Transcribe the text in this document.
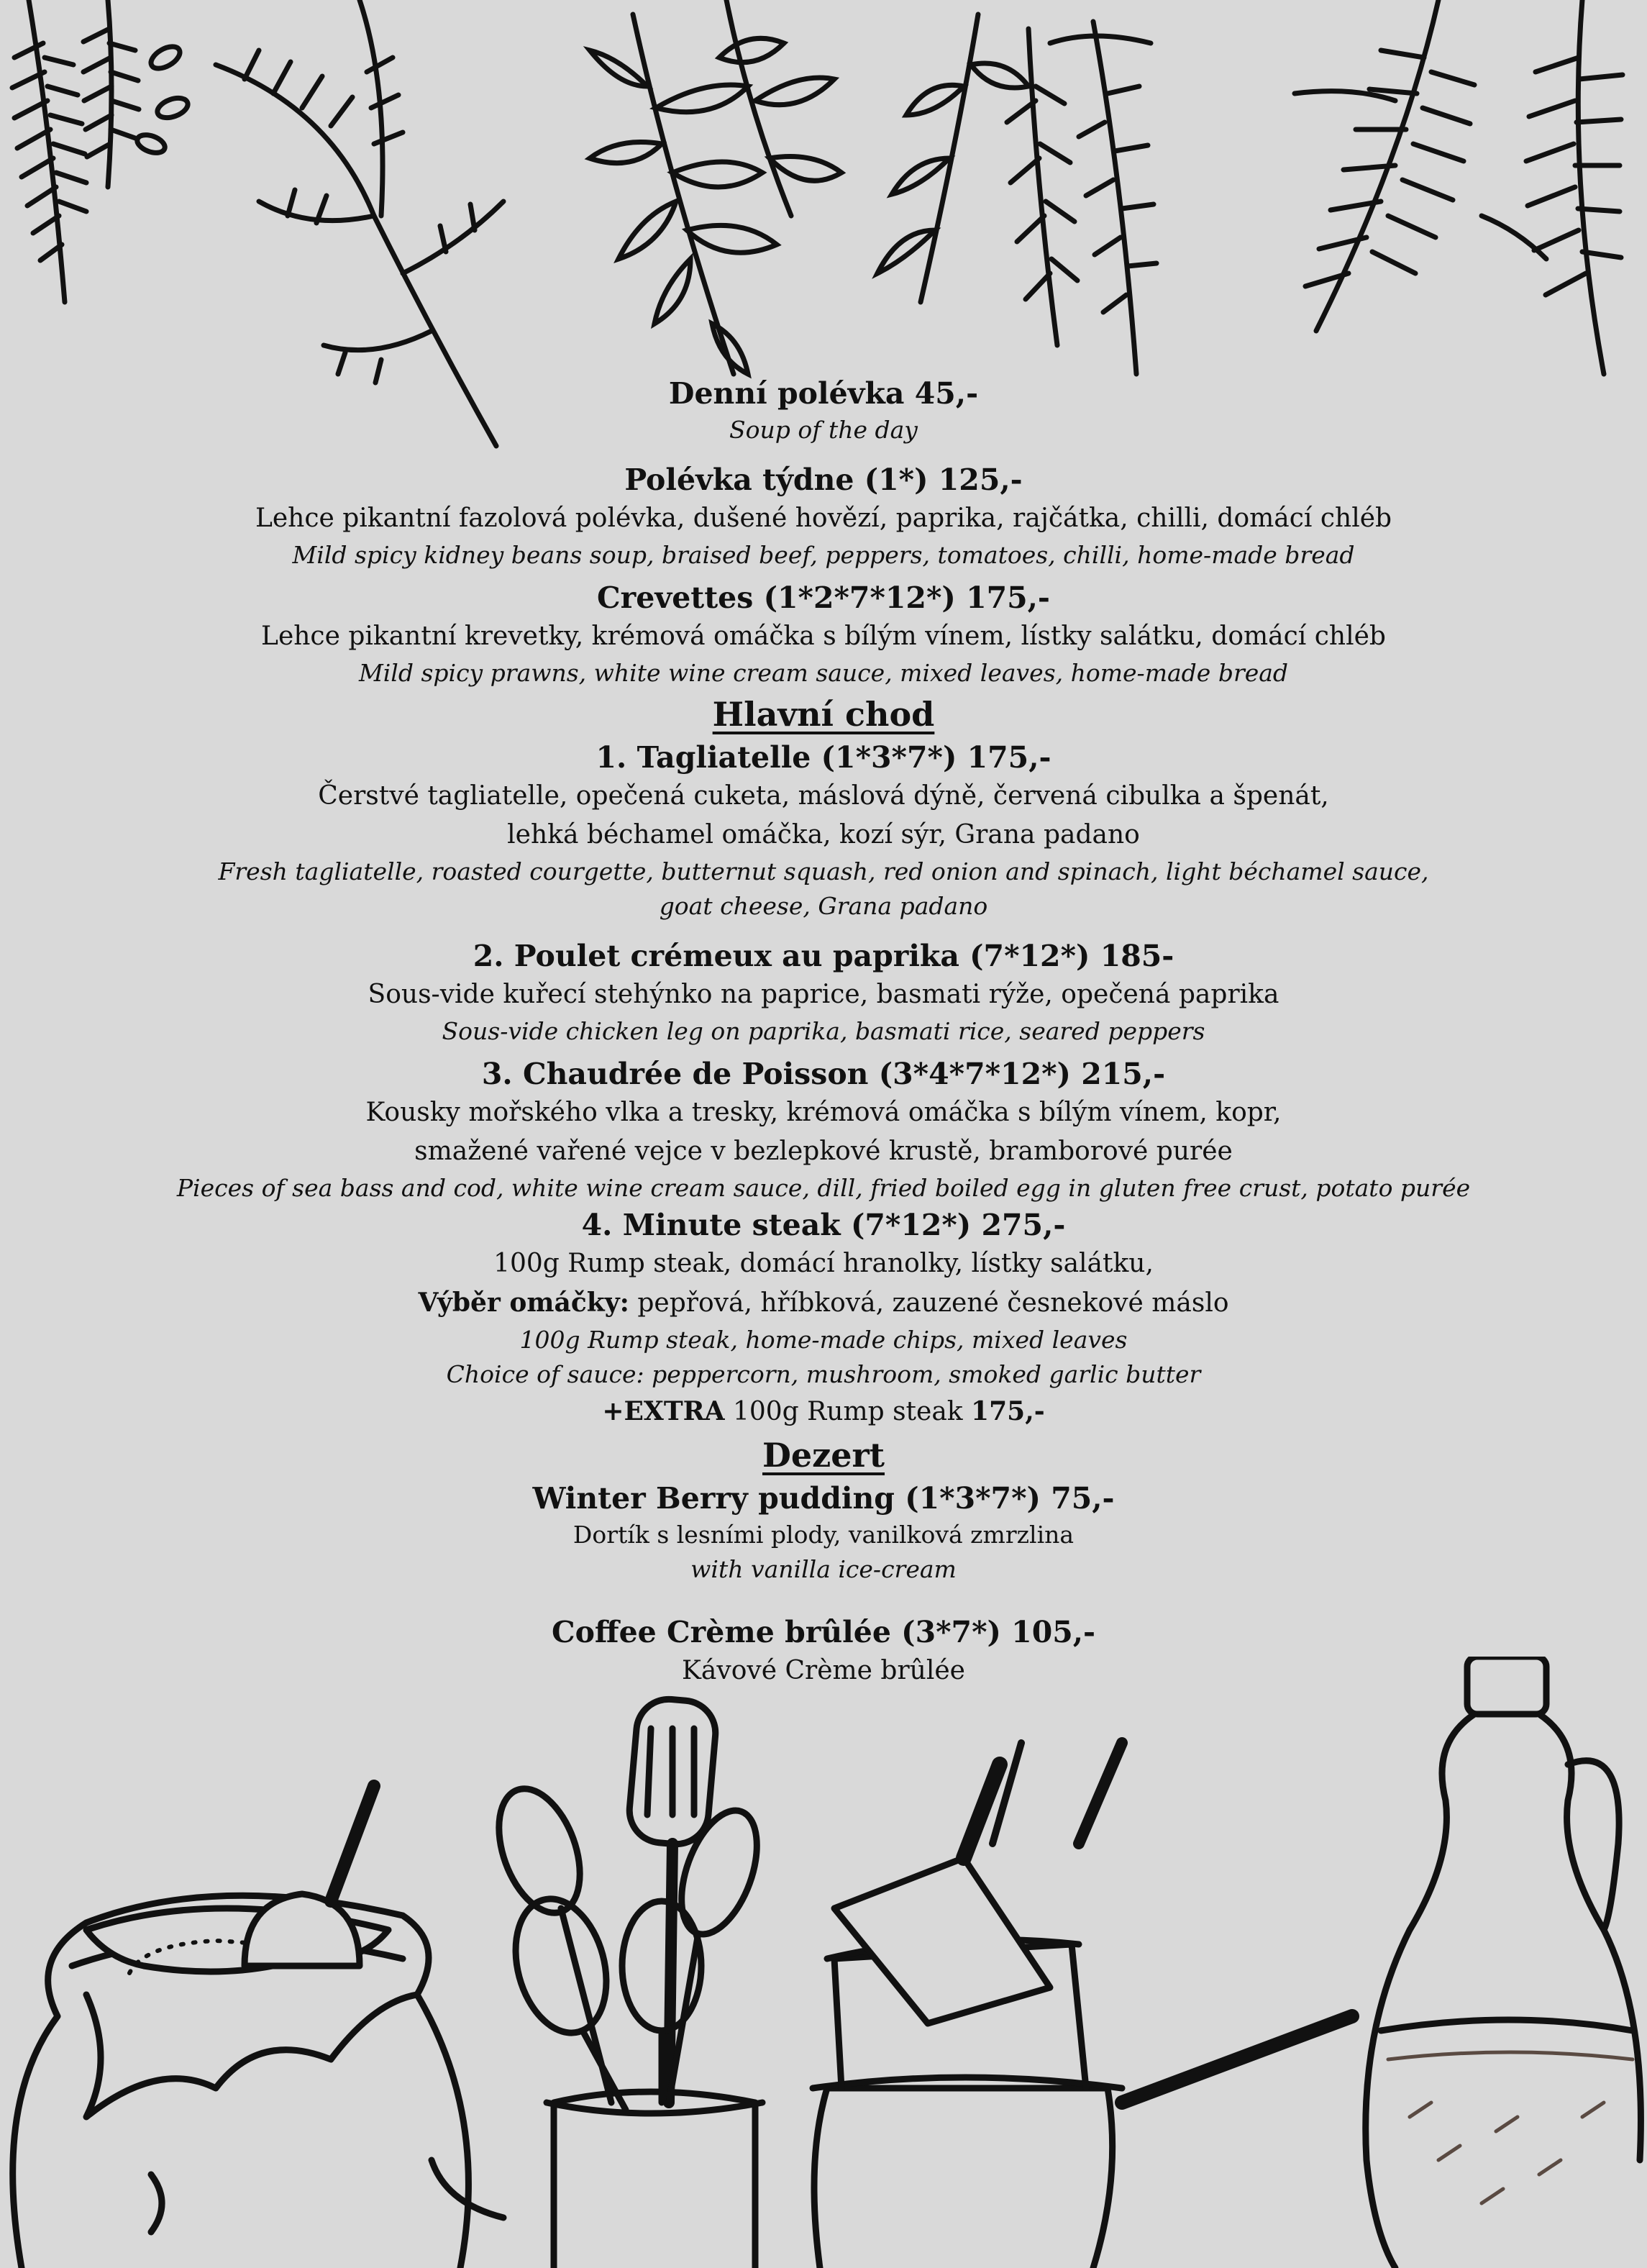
Denní polévka 45,-
Soup of the day
Polévka týdne (1*) 125,-
Lehce pikantní fazolová polévka, dušené hovězí, paprika, rajčátka, chilli, domácí chléb
Mild spicy kidney beans soup, braised beef, peppers, tomatoes, chilli, home-made bread
Crevettes (1*2*7*12*) 175,-
Lehce pikantní krevetky, krémová omáčka s bílým vínem, lístky salátku, domácí chléb
Mild spicy prawns, white wine cream sauce, mixed leaves, home-made bread
Hlavní chod
1. Tagliatelle (1*3*7*) 175,-
Čerstvé tagliatelle, opečená cuketa, máslová dýně, červená cibulka a špenát,
lehká béchamel omáčka, kozí sýr, Grana padano
Fresh tagliatelle, roasted courgette, butternut squash, red onion and spinach, light béchamel sauce,
goat cheese, Grana padano
2. Poulet crémeux au paprika (7*12*) 185-
Sous-vide kuřecí stehýnko na paprice, basmati rýže, opečená paprika
Sous-vide chicken leg on paprika, basmati rice, seared peppers
3. Chaudrée de Poisson (3*4*7*12*) 215,-
Kousky mořského vlka a tresky, krémová omáčka s bílým vínem, kopr,
smažené vařené vejce v bezlepkové krustě, bramborové purée
Pieces of sea bass and cod, white wine cream sauce, dill, fried boiled egg in gluten free crust, potato purée
4. Minute steak (7*12*) 275,-
100g Rump steak, domácí hranolky, lístky salátku,
Výběr omáčky: pepřová, hříbková, zauzené česnekové máslo
100g Rump steak, home-made chips, mixed leaves
Choice of sauce: peppercorn, mushroom, smoked garlic butter
+EXTRA 100g Rump steak 175,-
Dezert
Winter Berry pudding (1*3*7*) 75,-
Dortík s lesními plody, vanilková zmrzlina
with vanilla ice-cream
Coffee Crème brûlée (3*7*) 105,-
Kávové Crème brûlée
